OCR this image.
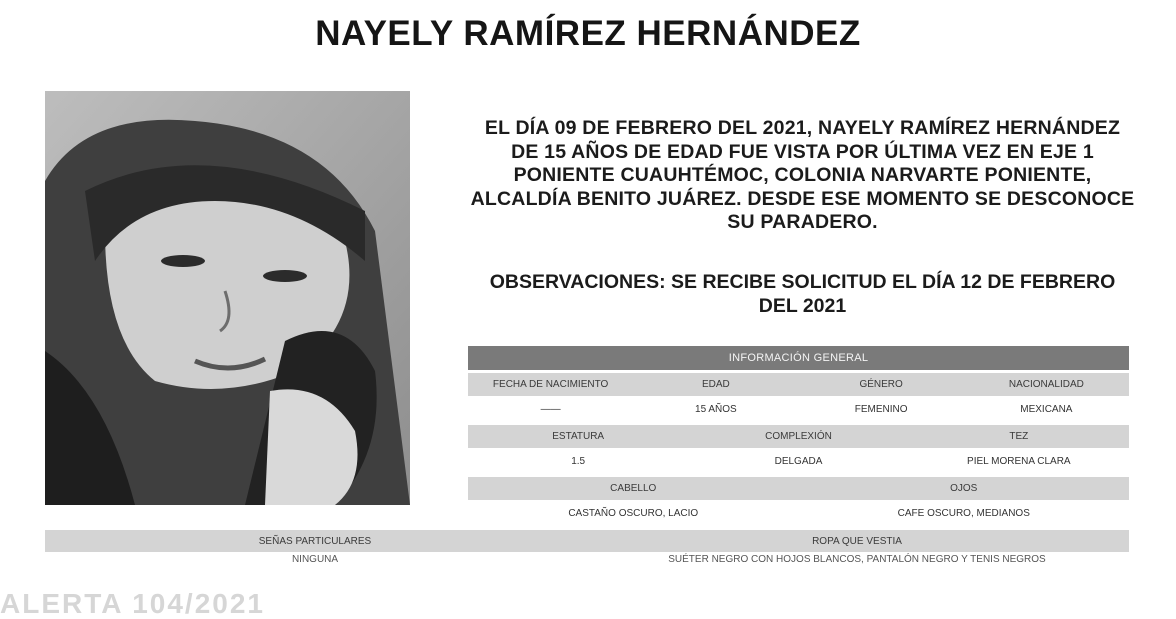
NAYELY RAMÍREZ HERNÁNDEZ
EL DÍA 09 DE FEBRERO DEL 2021, NAYELY RAMÍREZ HERNÁNDEZ DE 15 AÑOS DE EDAD FUE VISTA POR ÚLTIMA VEZ EN EJE 1 PONIENTE CUAUHTÉMOC, COLONIA NARVARTE PONIENTE, ALCALDÍA BENITO JUÁREZ. DESDE ESE MOMENTO SE DESCONOCE SU PARADERO.
OBSERVACIONES: SE RECIBE SOLICITUD EL DÍA 12 DE FEBRERO DEL 2021
INFORMACIÓN GENERAL
FECHA DE NACIMIENTO	EDAD	GÉNERO	NACIONALIDAD
——	15 AÑOS	FEMENINO	MEXICANA
ESTATURA	COMPLEXIÓN	TEZ
1.5	DELGADA	PIEL MORENA CLARA
CABELLO	OJOS
CASTAÑO OSCURO, LACIO	CAFE OSCURO, MEDIANOS
SEÑAS PARTICULARES	ROPA QUE VESTIA
NINGUNA	SUÉTER NEGRO CON HOJOS BLANCOS, PANTALÓN NEGRO Y TENIS NEGROS
ALERTA 104/2021
